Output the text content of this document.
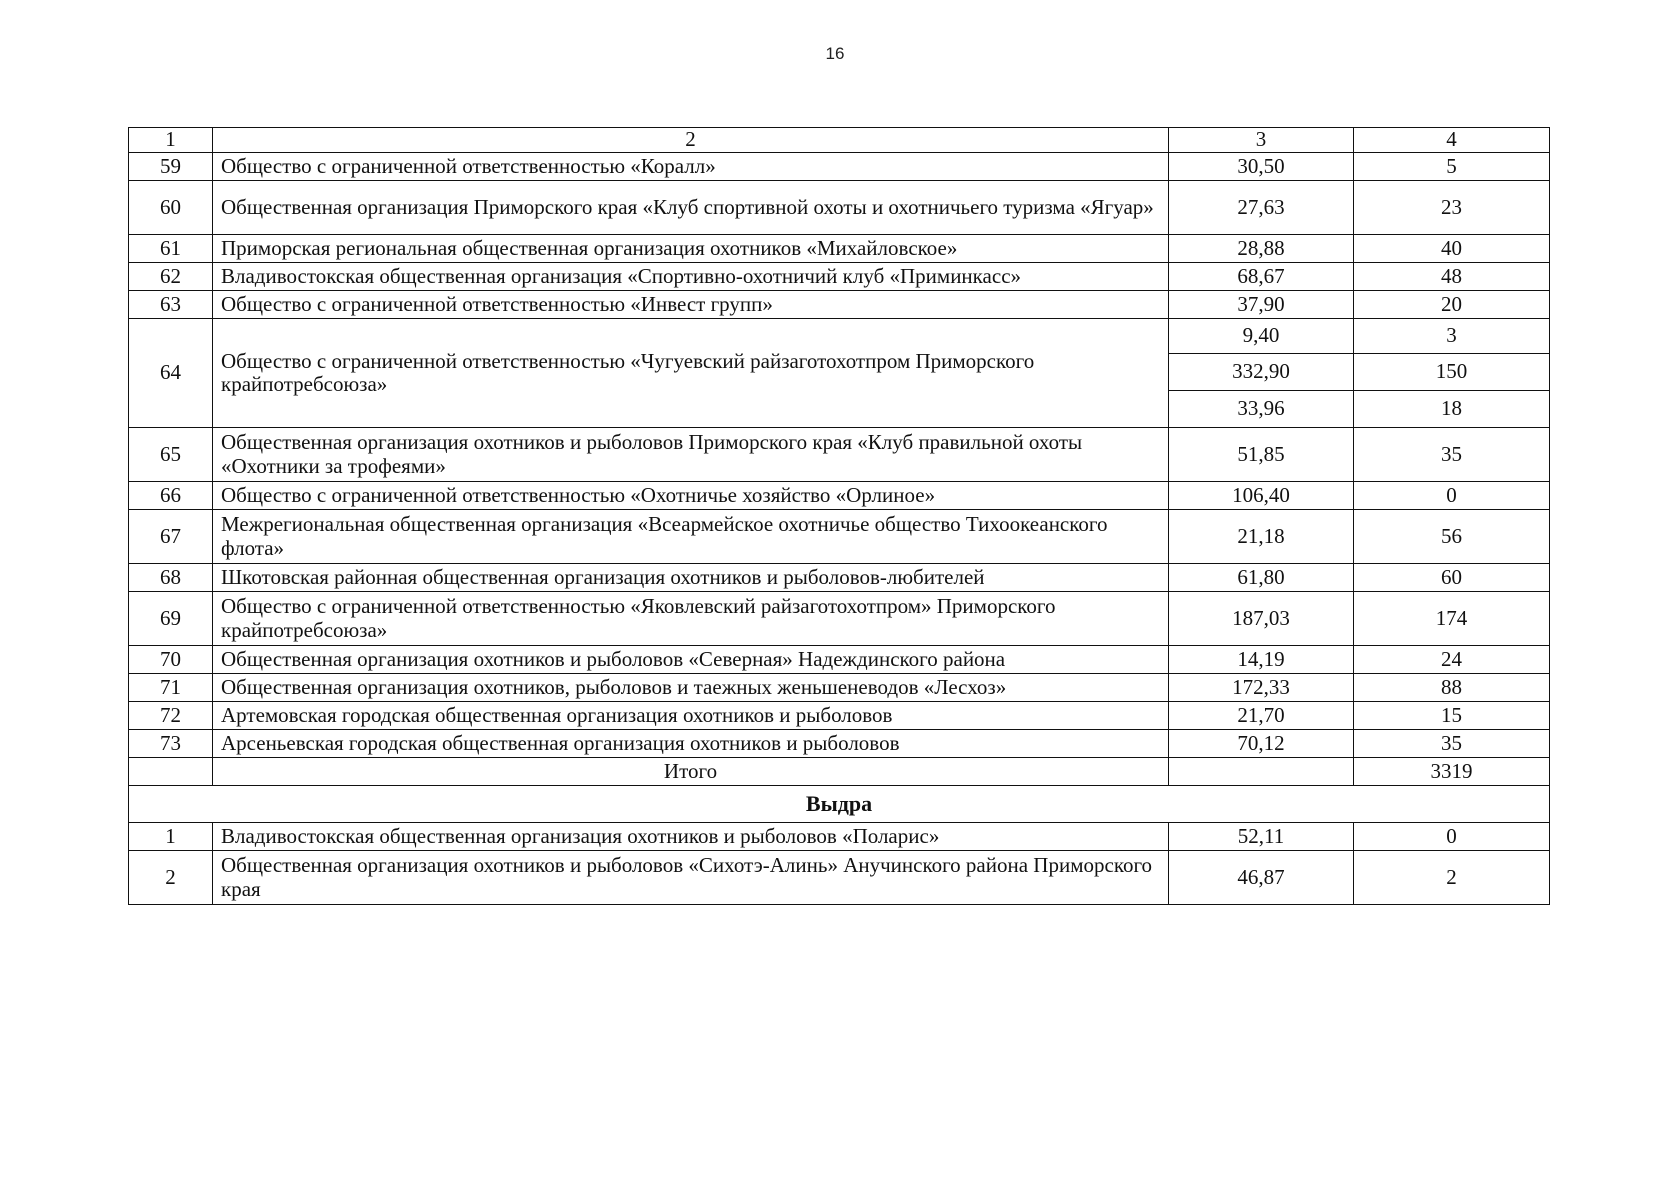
16
1	2	3	4
59	Общество с ограниченной ответственностью «Коралл»	30,50	5
60	Общественная организация Приморского края «Клуб спортивной охоты и охотничьего туризма «Ягуар»	27,63	23
61	Приморская региональная общественная организация охотников «Михайловское»	28,88	40
62	Владивостокская общественная организация «Спортивно-охотничий клуб «Приминкасс»	68,67	48
63	Общество с ограниченной ответственностью «Инвест групп»	37,90	20
64	Общество с ограниченной ответственностью «Чугуевский райзаготохотпром Приморского крайпотребсоюза»	9,40	3
		332,90	150
		33,96	18
65	Общественная организация охотников и рыболовов Приморского края «Клуб правильной охоты «Охотники за трофеями»	51,85	35
66	Общество с ограниченной ответственностью «Охотничье хозяйство «Орлиное»	106,40	0
67	Межрегиональная общественная организация «Всеармейское охотничье общество Тихоокеанского флота»	21,18	56
68	Шкотовская районная общественная организация охотников и рыболовов-любителей	61,80	60
69	Общество с ограниченной ответственностью «Яковлевский райзаготохотпром» Приморского крайпотребсоюза»	187,03	174
70	Общественная организация охотников и рыболовов «Северная» Надеждинского района	14,19	24
71	Общественная организация охотников, рыболовов и таежных женьшеневодов «Лесхоз»	172,33	88
72	Артемовская городская общественная организация охотников и рыболовов	21,70	15
73	Арсеньевская городская общественная организация охотников и рыболовов	70,12	35
	Итого		3319
Выдра			
1	Владивостокская общественная организация охотников и рыболовов «Поларис»	52,11	0
2	Общественная организация охотников и рыболовов «Сихотэ-Алинь» Анучинского района Приморского края	46,87	2
